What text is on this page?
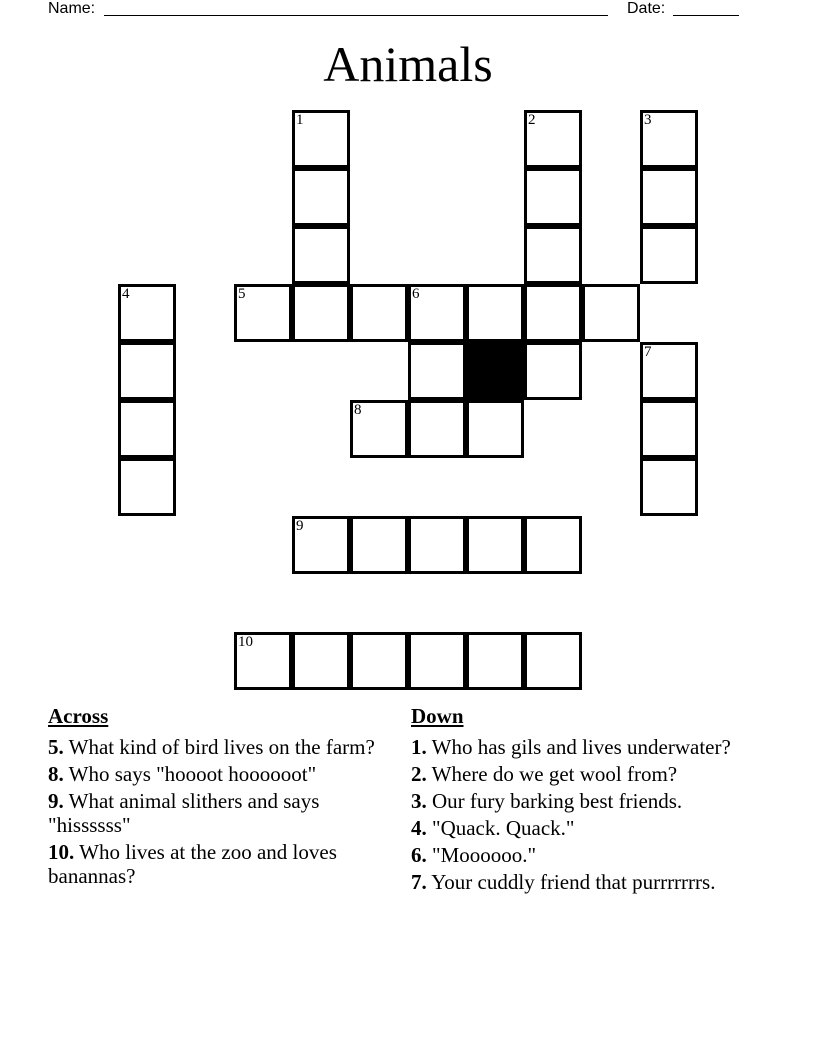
Name:	Date:
Animals
1	2	3
4	5	6
7
8
9
10
Across
5. What kind of bird lives on the farm?
8. Who says "hoooot hoooooot"
9. What animal slithers and says "hissssss"
10. Who lives at the zoo and loves banannas?
Down
1. Who has gils and lives underwater?
2. Where do we get wool from?
3. Our fury barking best friends.
4. "Quack. Quack."
6. "Moooooo."
7. Your cuddly friend that purrrrrrrs.
